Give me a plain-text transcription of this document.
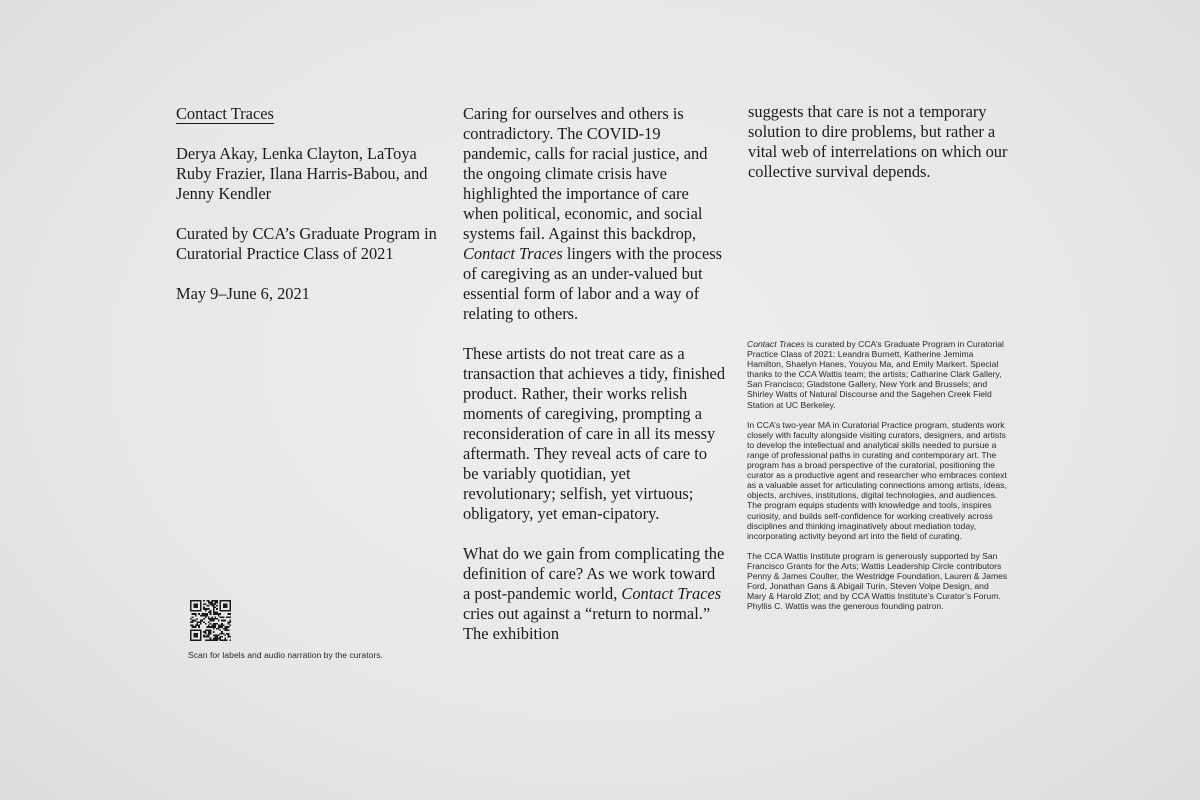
Contact Traces

Derya Akay, Lenka Clayton, LaToya Ruby Frazier, Ilana Harris-Babou, and Jenny Kendler

Curated by CCA’s Graduate Program in Curatorial Practice Class of 2021

May 9–June 6, 2021

Scan for labels and audio narration by the curators.

Caring for ourselves and others is contradictory. The COVID-19 pandemic, calls for racial justice, and the ongoing climate crisis have highlighted the importance of care when political, economic, and social systems fail. Against this backdrop, Contact Traces lingers with the process of caregiving as an under-valued but essential form of labor and a way of relating to others.

These artists do not treat care as a transaction that achieves a tidy, finished product. Rather, their works relish moments of caregiving, prompting a reconsideration of care in all its messy aftermath. They reveal acts of care to be variably quotidian, yet revolutionary; selfish, yet virtuous; obligatory, yet eman-cipatory.

What do we gain from complicating the definition of care? As we work toward a post-pandemic world, Contact Traces cries out against a “return to normal.” The exhibition

suggests that care is not a temporary solution to dire problems, but rather a vital web of interrelations on which our collective survival depends.

Contact Traces is curated by CCA’s Graduate Program in Curatorial Practice Class of 2021: Leandra Burnett, Katherine Jemima Hamilton, Shaelyn Hanes, Youyou Ma, and Emily Markert. Special thanks to the CCA Wattis team; the artists; Catharine Clark Gallery, San Francisco; Gladstone Gallery, New York and Brussels; and Shirley Watts of Natural Discourse and the Sagehen Creek Field Station at UC Berkeley.

In CCA’s two-year MA in Curatorial Practice program, students work closely with faculty alongside visiting curators, designers, and artists to develop the intellectual and analytical skills needed to pursue a range of professional paths in curating and contemporary art. The program has a broad perspective of the curatorial, positioning the curator as a productive agent and researcher who embraces context as a valuable asset for articulating connections among artists, ideas, objects, archives, institutions, digital technologies, and audiences. The program equips students with knowledge and tools, inspires curiosity, and builds self-confidence for working creatively across disciplines and thinking imaginatively about mediation today, incorporating activity beyond art into the field of curating.

The CCA Wattis Institute program is generously supported by San Francisco Grants for the Arts; Wattis Leadership Circle contributors Penny & James Coulter, the Westridge Foundation, Lauren & James Ford, Jonathan Gans & Abigail Turin, Steven Volpe Design, and Mary & Harold Zlot; and by CCA Wattis Institute’s Curator’s Forum. Phyllis C. Wattis was the generous founding patron.
